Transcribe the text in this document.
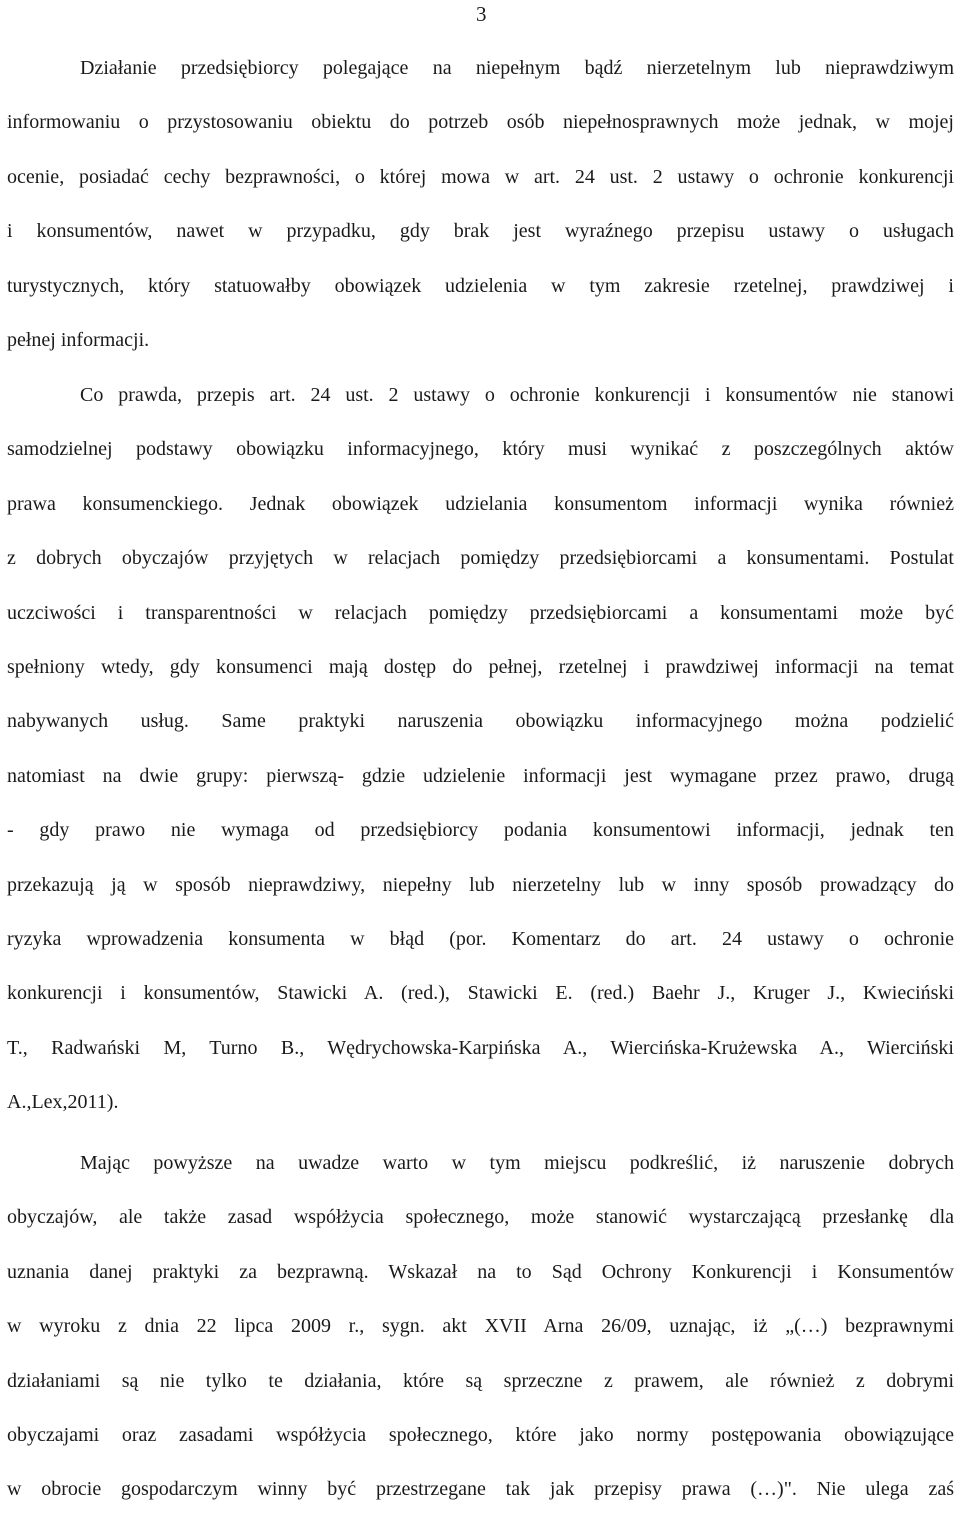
3
Działanie przedsiębiorcy polegające na niepełnym bądź nierzetelnym lub nieprawdziwym
informowaniu o przystosowaniu obiektu do potrzeb osób niepełnosprawnych może jednak, w mojej
ocenie, posiadać cechy bezprawności, o której mowa w art. 24 ust. 2 ustawy o ochronie konkurencji
i konsumentów, nawet w przypadku, gdy brak jest wyraźnego przepisu ustawy o usługach
turystycznych, który statuowałby obowiązek udzielenia w tym zakresie rzetelnej, prawdziwej i
pełnej informacji.
Co prawda, przepis art. 24 ust. 2 ustawy o ochronie konkurencji i konsumentów nie stanowi
samodzielnej podstawy obowiązku informacyjnego, który musi wynikać z poszczególnych aktów
prawa konsumenckiego. Jednak obowiązek udzielania konsumentom informacji wynika również
z dobrych obyczajów przyjętych w relacjach pomiędzy przedsiębiorcami a konsumentami. Postulat
uczciwości i transparentności w relacjach pomiędzy przedsiębiorcami a konsumentami może być
spełniony wtedy, gdy konsumenci mają dostęp do pełnej, rzetelnej i prawdziwej informacji na temat
nabywanych usług. Same praktyki naruszenia obowiązku informacyjnego można podzielić
natomiast na dwie grupy: pierwszą- gdzie udzielenie informacji jest wymagane przez prawo, drugą
- gdy prawo nie wymaga od przedsiębiorcy podania konsumentowi informacji, jednak ten
przekazują ją w sposób nieprawdziwy, niepełny lub nierzetelny lub w inny sposób prowadzący do
ryzyka wprowadzenia konsumenta w błąd (por. Komentarz do art. 24 ustawy o ochronie
konkurencji i konsumentów, Stawicki A. (red.), Stawicki E. (red.) Baehr J., Kruger J., Kwieciński
T., Radwański M, Turno B., Wędrychowska-Karpińska A., Wiercińska-Krużewska A., Wierciński
A.,Lex,2011).
Mając powyższe na uwadze warto w tym miejscu podkreślić, iż naruszenie dobrych
obyczajów, ale także zasad współżycia społecznego, może stanowić wystarczającą przesłankę dla
uznania danej praktyki za bezprawną. Wskazał na to Sąd Ochrony Konkurencji i Konsumentów
w wyroku z dnia 22 lipca 2009 r., sygn. akt XVII Arna 26/09, uznając, iż „(…) bezprawnymi
działaniami są nie tylko te działania, które są sprzeczne z prawem, ale również z dobrymi
obyczajami oraz zasadami współżycia społecznego, które jako normy postępowania obowiązujące
w obrocie gospodarczym winny być przestrzegane tak jak przepisy prawa (…)". Nie ulega zaś
